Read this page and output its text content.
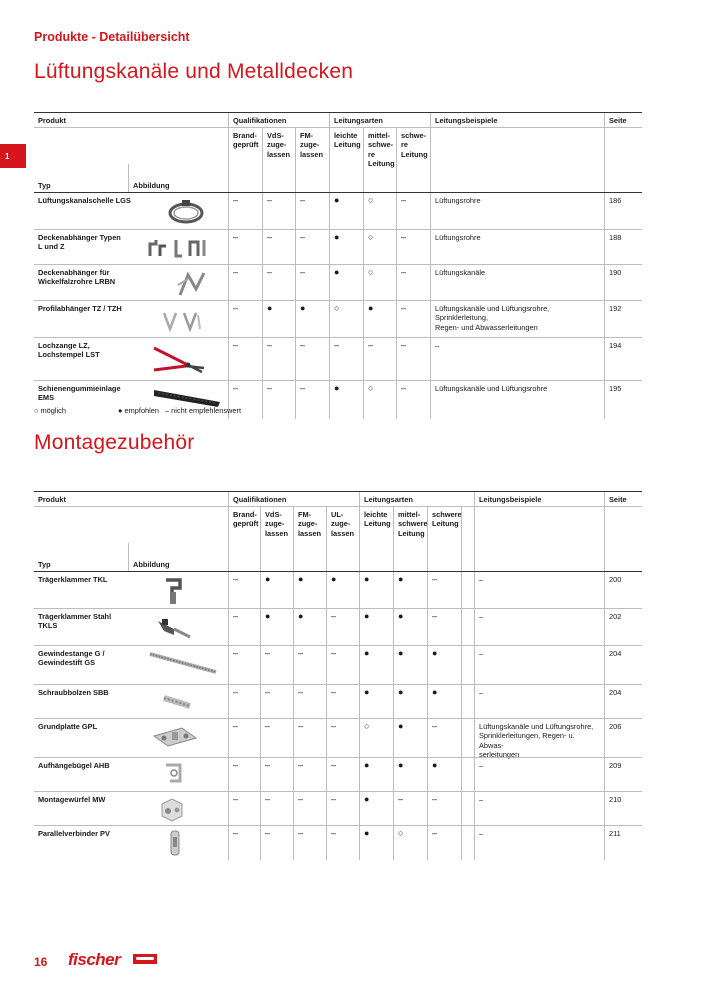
Produkte - Detailübersicht
1
Lüftungskanäle und Metalldecken
Produkt	Qualifikationen	Leitungsarten	Leitungsbeispiele	Seite
Brand-
geprüft
VdS-
zuge-
lassen
FM-
zuge-
lassen
leichte
Leitung
mittel-
schwe-
re
Leitung
schwe-
re
Leitung
Typ	Abbildung
Lüftungskanalschelle LGS	–	–	–	●	○	–	Lüftungsrohre	186
Deckenabhänger Typen
L und Z
–	–	–	●	○	–	Lüftungsrohre	188
Deckenabhänger für
Wickelfalzrohre LRBN
–	–	–	●	○	–	Lüftungskanäle	190
Profilabhänger TZ / TZH	–	●	●	○	●	–	Lüftungskanäle und Lüftungsrohre, Sprinklerleitung,
Regen- und Abwasserleitungen
192
Lochzange LZ,
Lochstempel LST
–	–	–	–	–	–	–	194
Schienengummieinlage
EMS
–	–	–	●	○	–	Lüftungskanäle und Lüftungsrohre	195
○ möglich	● empfohlen – nicht empfehlenswert
Montagezubehör
Produkt	Qualifikationen	Leitungsarten	Leitungsbeispiele	Seite
Brand-
geprüft
VdS-
zuge-
lassen
FM-
zuge-
lassen
UL-
zuge-
lassen
leichte
Leitung
mittel-
schwere
Leitung
schwere
Leitung
Typ	Abbildung
Trägerklammer TKL	–	●	●	●	●	●	–	–	200
Trägerklammer Stahl
TKLS
–	●	●	–	●	●	–	–	202
Gewindestange G /
Gewindestift GS
–	–	–	–	●	●	●	–	204
Schraubbolzen SBB	–	–	–	–	●	●	●	–	204
Grundplatte GPL	–	–	–	–	○	●	–	Lüftungskanäle und Lüftungsrohre,
Sprinklerleitungen, Regen- u. Abwas-
serleitungen
206
Aufhängebügel AHB	–	–	–	–	●	●	●	–	209
Montagewürfel MW	–	–	–	–	●	–	–	–	210
Parallelverbinder PV	–	–	–	–	●	○	–	–	211
16 fischer
